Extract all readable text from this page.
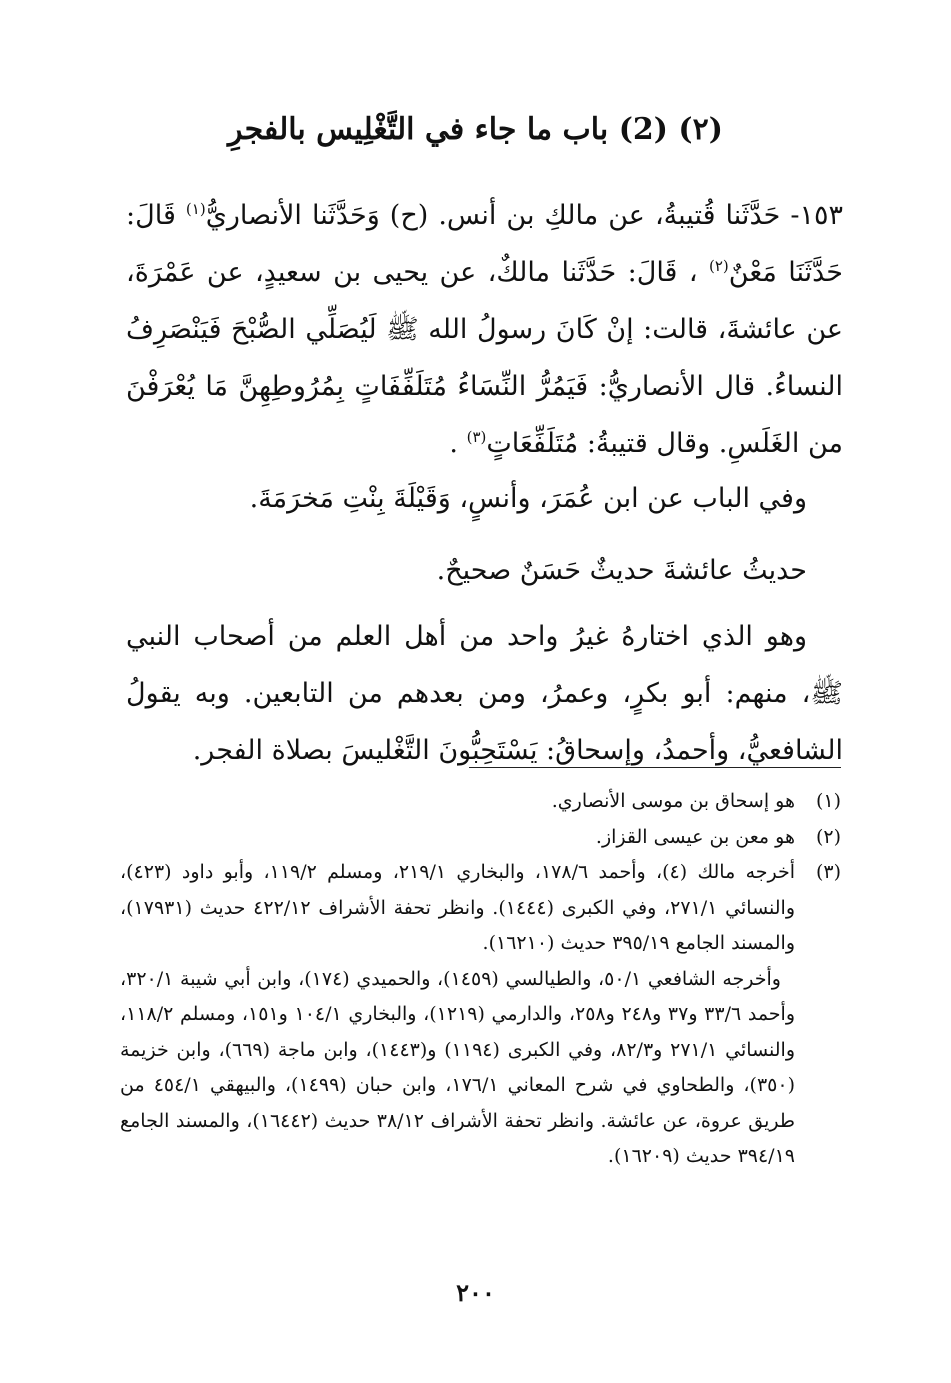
(٢) (2) باب ما جاء في التَّغْلِيس بالفجرِ

١٥٣- حَدَّثَنا قُتيبةُ، عن مالكِ بن أنس. (ح) وَحَدَّثَنا الأنصاريُّ$^{(١)}$ قَالَ: حَدَّثَنَا مَعْنٌ$^{(٢)}$ ، قَالَ: حَدَّثَنا مالكٌ، عن يحيى بن سعيدٍ، عن عَمْرَةَ، عن عائشةَ، قالت: إنْ كَانَ رسولُ الله ﷺ لَيُصَلِّي الصُّبْحَ فَيَنْصَرِفُ النساءُ. قال الأنصاريُّ: فَيَمُرُّ النِّسَاءُ مُتَلَفِّفَاتٍ بِمُرُوطِهِنَّ مَا يُعْرَفْنَ من الغَلَسِ. وقال قتيبةُ: مُتَلَفِّعَاتٍ$^{(٣)}$ .

وفي الباب عن ابن عُمَرَ، وأنسٍ، وَقَيْلَةَ بِنْتِ مَخرَمَةَ.

حديثُ عائشةَ حديثٌ حَسَنٌ صحيحٌ.

وهو الذي اختارهُ غيرُ واحد من أهل العلم من أصحاب النبي ﷺ، منهم: أبو بكرٍ، وعمرُ، ومن بعدهم من التابعين. وبه يقولُ الشافعيُّ، وأحمدُ، وإسحاقُ: يَسْتَحِبُّونَ التَّغْليسَ بصلاة الفجر.

(١)
هو إسحاق بن موسى الأنصاري.
(٢)
هو معن بن عيسى القزاز.
(٣)
أخرجه مالك (٤)، وأحمد ١٧٨/٦، والبخاري ٢١٩/١، ومسلم ١١٩/٢، وأبو داود (٤٢٣)، والنسائي ٢٧١/١، وفي الكبرى (١٤٤٤). وانظر تحفة الأشراف ٤٢٢/١٢ حديث (١٧٩٣١)، والمسند الجامع ٣٩٥/١٩ حديث (١٦٢١٠).
وأخرجه الشافعي ٥٠/١، والطيالسي (١٤٥٩)، والحميدي (١٧٤)، وابن أبي شيبة ٣٢٠/١، وأحمد ٣٣/٦ و٣٧ و٢٤٨ و٢٥٨، والدارمي (١٢١٩)، والبخاري ١٠٤/١ و١٥١، ومسلم ١١٨/٢، والنسائي ٢٧١/١ و٨٢/٣، وفي الكبرى (١١٩٤) و(١٤٤٣)، وابن ماجة (٦٦٩)، وابن خزيمة (٣٥٠)، والطحاوي في شرح المعاني ١٧٦/١، وابن حبان (١٤٩٩)، والبيهقي ٤٥٤/١ من طريق عروة، عن عائشة. وانظر تحفة الأشراف ٣٨/١٢ حديث (١٦٤٤٢)، والمسند الجامع ٣٩٤/١٩ حديث (١٦٢٠٩).
٢٠٠
